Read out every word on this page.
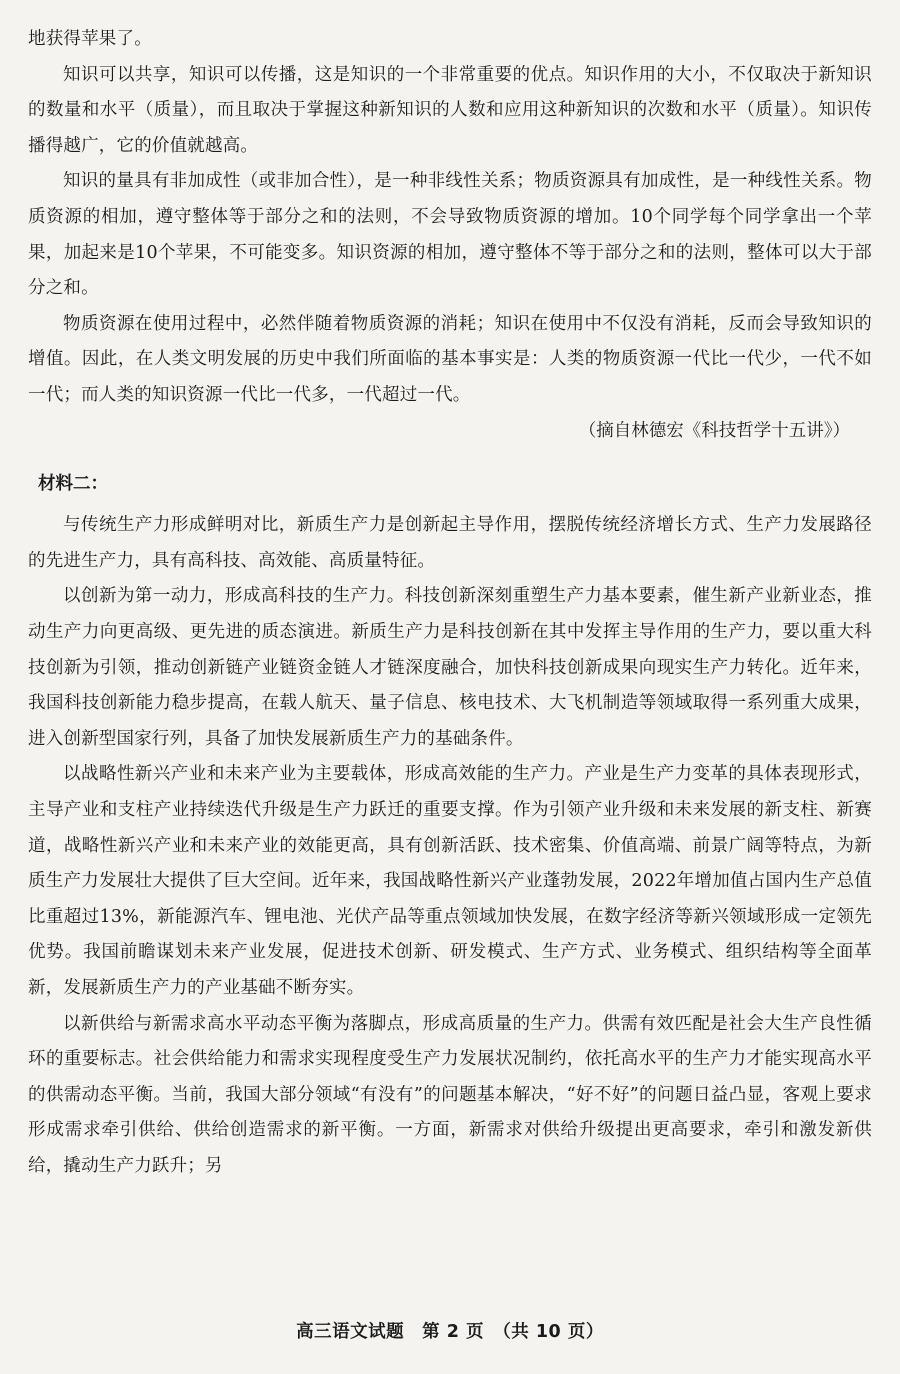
地获得苹果了。

知识可以共享，知识可以传播，这是知识的一个非常重要的优点。知识作用的大小，不仅取决于新知识的数量和水平（质量），而且取决于掌握这种新知识的人数和应用这种新知识的次数和水平（质量）。知识传播得越广，它的价值就越高。

知识的量具有非加成性（或非加合性），是一种非线性关系；物质资源具有加成性，是一种线性关系。物质资源的相加，遵守整体等于部分之和的法则，不会导致物质资源的增加。10个同学每个同学拿出一个苹果，加起来是10个苹果，不可能变多。知识资源的相加，遵守整体不等于部分之和的法则，整体可以大于部分之和。

物质资源在使用过程中，必然伴随着物质资源的消耗；知识在使用中不仅没有消耗，反而会导致知识的增值。因此，在人类文明发展的历史中我们所面临的基本事实是：人类的物质资源一代比一代少，一代不如一代；而人类的知识资源一代比一代多，一代超过一代。

（摘自林德宏《科技哲学十五讲》）

材料二：

与传统生产力形成鲜明对比，新质生产力是创新起主导作用，摆脱传统经济增长方式、生产力发展路径的先进生产力，具有高科技、高效能、高质量特征。

以创新为第一动力，形成高科技的生产力。科技创新深刻重塑生产力基本要素，催生新产业新业态，推动生产力向更高级、更先进的质态演进。新质生产力是科技创新在其中发挥主导作用的生产力，要以重大科技创新为引领，推动创新链产业链资金链人才链深度融合，加快科技创新成果向现实生产力转化。近年来，我国科技创新能力稳步提高，在载人航天、量子信息、核电技术、大飞机制造等领域取得一系列重大成果，进入创新型国家行列，具备了加快发展新质生产力的基础条件。

以战略性新兴产业和未来产业为主要载体，形成高效能的生产力。产业是生产力变革的具体表现形式，主导产业和支柱产业持续迭代升级是生产力跃迁的重要支撑。作为引领产业升级和未来发展的新支柱、新赛道，战略性新兴产业和未来产业的效能更高，具有创新活跃、技术密集、价值高端、前景广阔等特点，为新质生产力发展壮大提供了巨大空间。近年来，我国战略性新兴产业蓬勃发展，2022年增加值占国内生产总值比重超过13%，新能源汽车、锂电池、光伏产品等重点领域加快发展，在数字经济等新兴领域形成一定领先优势。我国前瞻谋划未来产业发展，促进技术创新、研发模式、生产方式、业务模式、组织结构等全面革新，发展新质生产力的产业基础不断夯实。

以新供给与新需求高水平动态平衡为落脚点，形成高质量的生产力。供需有效匹配是社会大生产良性循环的重要标志。社会供给能力和需求实现程度受生产力发展状况制约，依托高水平的生产力才能实现高水平的供需动态平衡。当前，我国大部分领域“有没有”的问题基本解决，“好不好”的问题日益凸显，客观上要求形成需求牵引供给、供给创造需求的新平衡。一方面，新需求对供给升级提出更高要求，牵引和激发新供给，撬动生产力跃升；另

高三语文试题　第 2 页　（共 10 页）
